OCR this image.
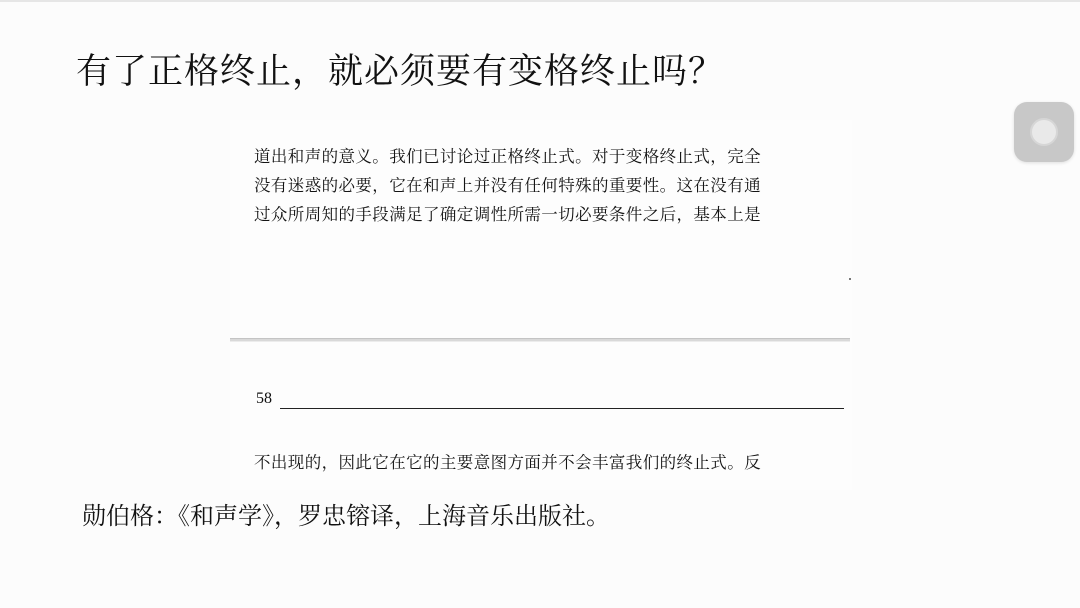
有了正格终止，就必须要有变格终止吗？
道出和声的意义。我们已讨论过正格终止式。对于变格终止式，完全
没有迷惑的必要，它在和声上并没有任何特殊的重要性。这在没有通
过众所周知的手段满足了确定调性所需一切必要条件之后，基本上是
58
不出现的，因此它在它的主要意图方面并不会丰富我们的终止式。反
勋伯格：《和声学》，罗忠镕译，上海音乐出版社。
